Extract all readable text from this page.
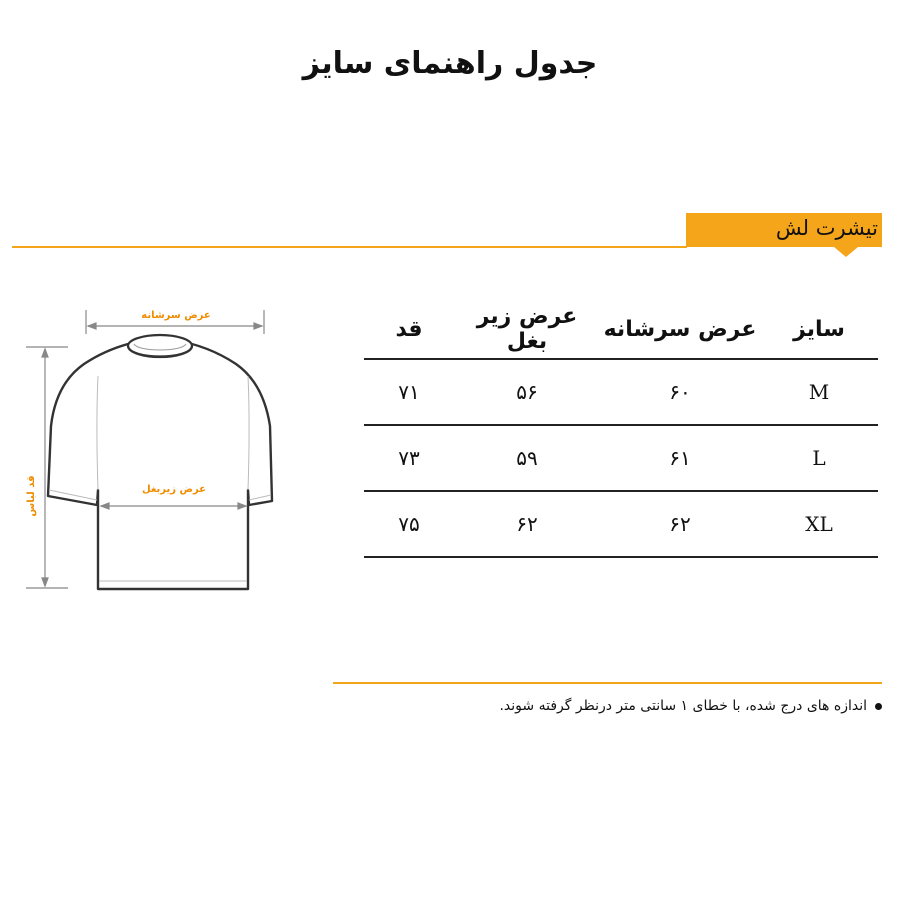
جدول راهنمای سایز
تیشرت لش
عرض سرشانه
عرض زیربغل
قد لباس
سایز	عرض سرشانه	عرض زیر بغل	قد
M	۶۰	۵۶	۷۱
L	۶۱	۵۹	۷۳
XL	۶۲	۶۲	۷۵
اندازه های درج شده، با خطای ۱ سانتی متر درنظر گرفته شوند.
